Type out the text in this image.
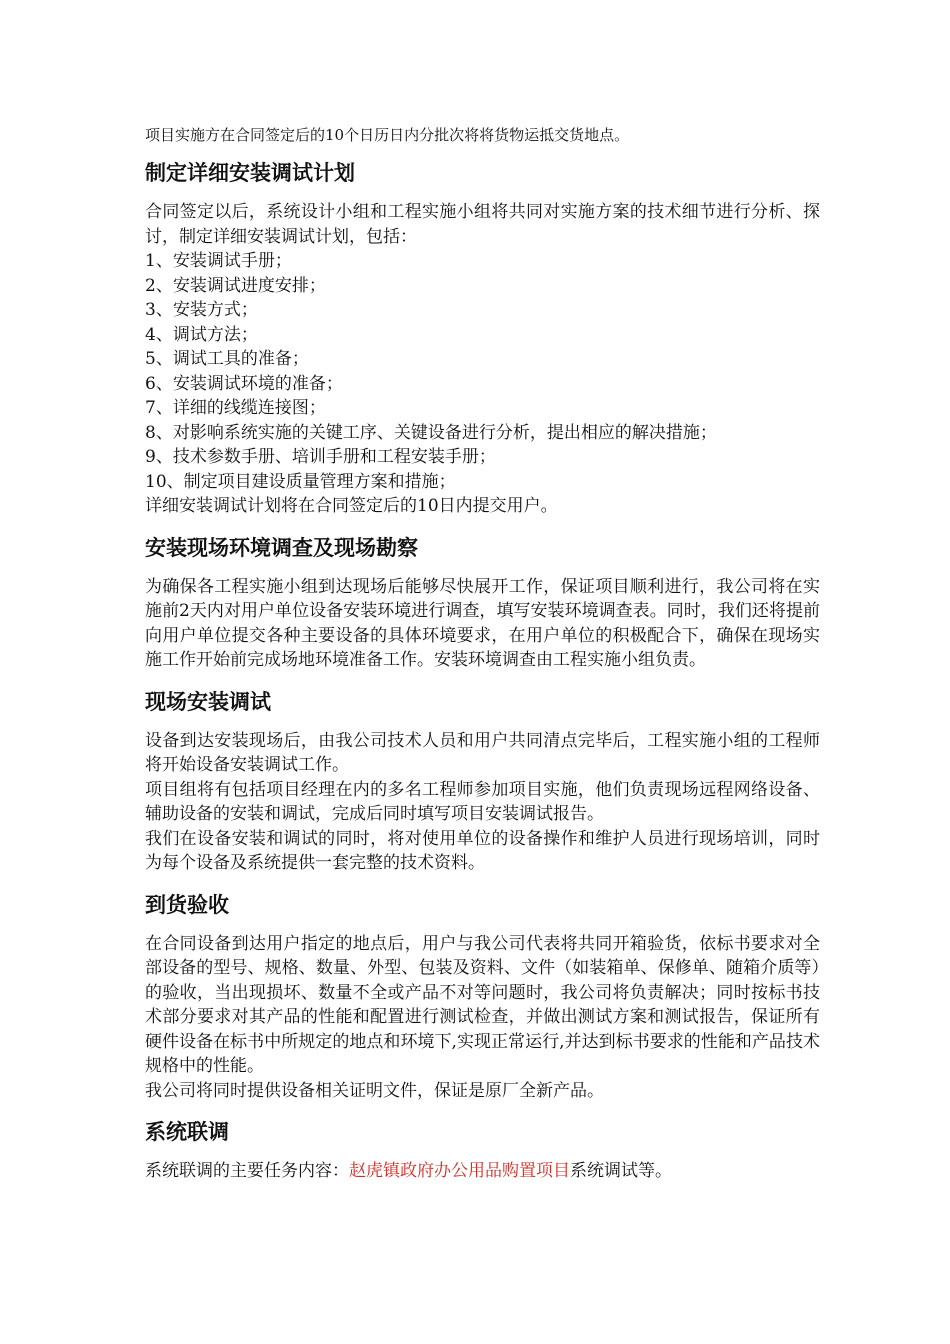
项目实施方在合同签定后的10个日历日内分批次将将货物运抵交货地点。

制定详细安装调试计划

合同签定以后，系统设计小组和工程实施小组将共同对实施方案的技术细节进行分析、探讨，制定详细安装调试计划，包括：

1、安装调试手册；

2、安装调试进度安排；

3、安装方式；

4、调试方法；

5、调试工具的准备；

6、安装调试环境的准备；

7、详细的线缆连接图；

8、对影响系统实施的关键工序、关键设备进行分析，提出相应的解决措施；

9、技术参数手册、培训手册和工程安装手册；

10、制定项目建设质量管理方案和措施；

详细安装调试计划将在合同签定后的10日内提交用户。

安装现场环境调查及现场勘察

为确保各工程实施小组到达现场后能够尽快展开工作，保证项目顺利进行，我公司将在实施前2天内对用户单位设备安装环境进行调查，填写安装环境调查表。同时，我们还将提前向用户单位提交各种主要设备的具体环境要求，在用户单位的积极配合下，确保在现场实施工作开始前完成场地环境准备工作。安装环境调查由工程实施小组负责。

现场安装调试

设备到达安装现场后，由我公司技术人员和用户共同清点完毕后，工程实施小组的工程师将开始设备安装调试工作。

项目组将有包括项目经理在内的多名工程师参加项目实施，他们负责现场远程网络设备、辅助设备的安装和调试，完成后同时填写项目安装调试报告。

我们在设备安装和调试的同时，将对使用单位的设备操作和维护人员进行现场培训，同时为每个设备及系统提供一套完整的技术资料。

到货验收

在合同设备到达用户指定的地点后，用户与我公司代表将共同开箱验货，依标书要求对全部设备的型号、规格、数量、外型、包装及资料、文件（如装箱单、保修单、随箱介质等）的验收，当出现损坏、数量不全或产品不对等问题时，我公司将负责解决；同时按标书技术部分要求对其产品的性能和配置进行测试检查，并做出测试方案和测试报告，保证所有硬件设备在标书中所规定的地点和环境下,实现正常运行,并达到标书要求的性能和产品技术规格中的性能。

我公司将同时提供设备相关证明文件，保证是原厂全新产品。

系统联调

系统联调的主要任务内容：赵虎镇政府办公用品购置项目系统调试等。
